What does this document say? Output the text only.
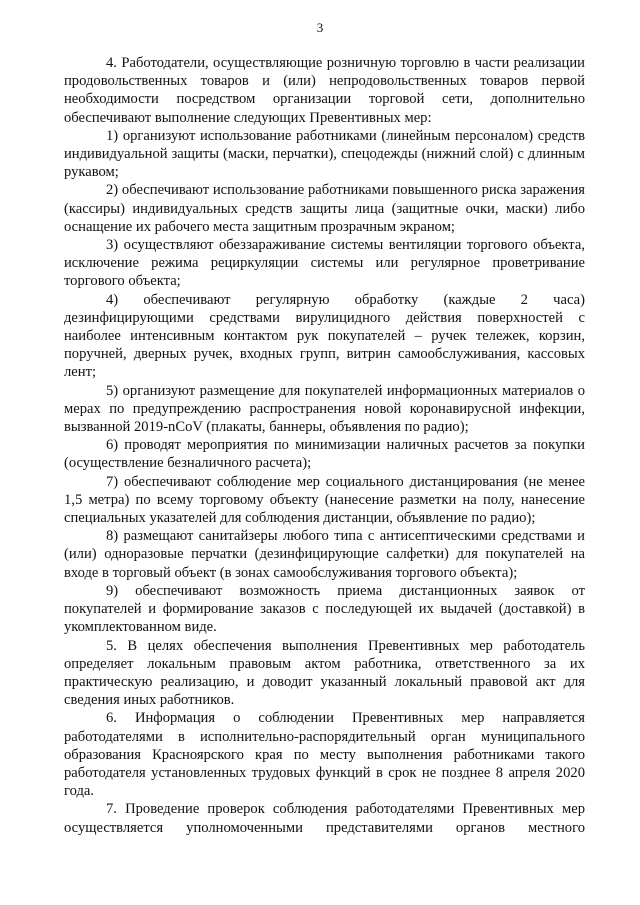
3

4. Работодатели, осуществляющие розничную торговлю в части реализации продовольственных товаров и (или) непродовольственных товаров первой необходимости посредством организации торговой сети, дополнительно обеспечивают выполнение следующих Превентивных мер:

1) организуют использование работниками (линейным персоналом) средств индивидуальной защиты (маски, перчатки), спецодежды (нижний слой) с длинным рукавом;

2) обеспечивают использование работниками повышенного риска заражения (кассиры) индивидуальных средств защиты лица (защитные очки, маски) либо оснащение их рабочего места защитным прозрачным экраном;

3) осуществляют обеззараживание системы вентиляции торгового объекта, исключение режима рециркуляции системы или регулярное проветривание торгового объекта;

4) обеспечивают регулярную обработку (каждые 2 часа) дезинфицирующими средствами вирулицидного действия поверхностей с наиболее интенсивным контактом рук покупателей – ручек тележек, корзин, поручней, дверных ручек, входных групп, витрин самообслуживания, кассовых лент;

5) организуют размещение для покупателей информационных материалов о мерах по предупреждению распространения новой коронавирусной инфекции, вызванной 2019-nCoV (плакаты, баннеры, объявления по радио);

6) проводят мероприятия по минимизации наличных расчетов за покупки (осуществление безналичного расчета);

7) обеспечивают соблюдение мер социального дистанцирования (не менее 1,5 метра) по всему торговому объекту (нанесение разметки на полу, нанесение специальных указателей для соблюдения дистанции, объявление по радио);

8) размещают санитайзеры любого типа с антисептическими средствами и (или) одноразовые перчатки (дезинфицирующие салфетки) для покупателей на входе в торговый объект (в зонах самообслуживания торгового объекта);

9) обеспечивают возможность приема дистанционных заявок от покупателей и формирование заказов с последующей их выдачей (доставкой) в укомплектованном виде.

5. В целях обеспечения выполнения Превентивных мер работодатель определяет локальным правовым актом работника, ответственного за их практическую реализацию, и доводит указанный локальный правовой акт для сведения иных работников.

6. Информация о соблюдении Превентивных мер направляется работодателями в исполнительно-распорядительный орган муниципального образования Красноярского края по месту выполнения работниками такого работодателя установленных трудовых функций в срок не позднее 8 апреля 2020 года.

7. Проведение проверок соблюдения работодателями Превентивных мер осуществляется уполномоченными представителями органов местного
